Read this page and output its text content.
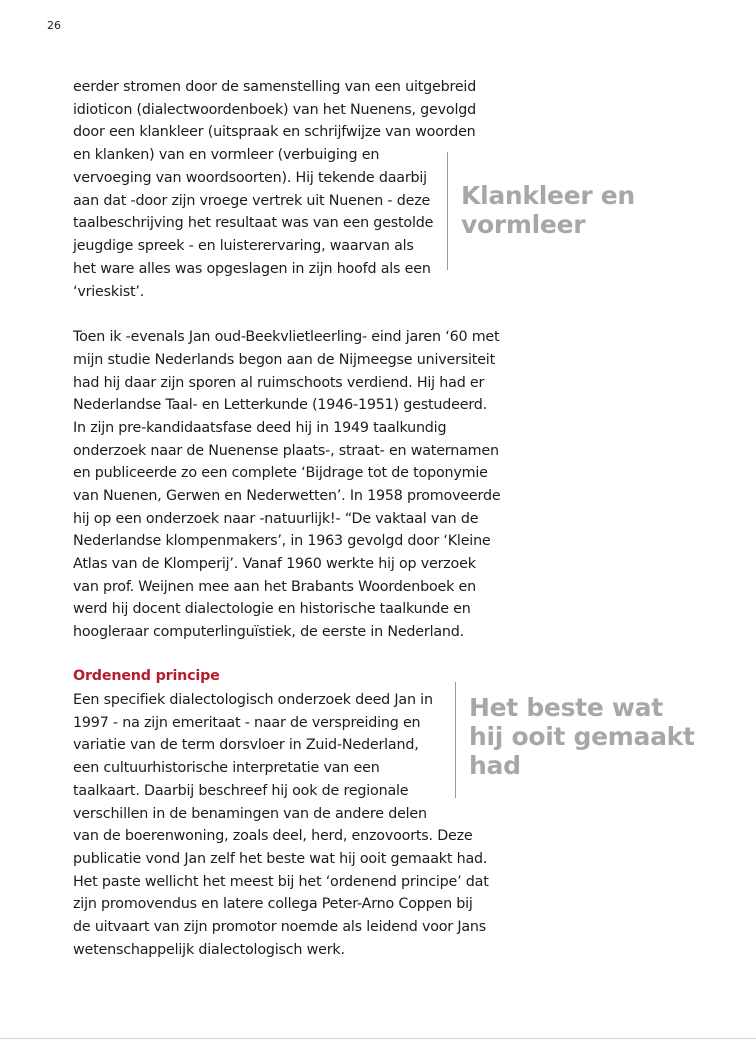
26
eerder stromen door de samenstelling van een uitgebreid
idioticon (dialectwoordenboek) van het Nuenens, gevolgd
door een klankleer (uitspraak en schrijfwijze van woorden
en klanken) van en vormleer (verbuiging en
vervoeging van woordsoorten). Hij tekende daarbij
aan dat -door zijn vroege vertrek uit Nuenen - deze
taalbeschrijving het resultaat was van een gestolde
jeugdige spreek - en luisterervaring, waarvan als
het ware alles was opgeslagen in zijn hoofd als een
‘vrieskist’.
Klankleer en
vormleer
Toen ik -evenals Jan oud-Beekvlietleerling- eind jaren ‘60 met
mijn studie Nederlands begon aan de Nijmeegse universiteit
had hij daar zijn sporen al ruimschoots verdiend. Hij had er
Nederlandse Taal- en Letterkunde (1946-1951) gestudeerd.
In zijn pre-kandidaatsfase deed hij in 1949 taalkundig
onderzoek naar de Nuenense plaats-, straat- en waternamen
en publiceerde zo een complete ‘Bijdrage tot de toponymie
van Nuenen, Gerwen en Nederwetten’. In 1958 promoveerde
hij op een onderzoek naar -natuurlijk!- “De vaktaal van de
Nederlandse klompenmakers’, in 1963 gevolgd door ‘Kleine
Atlas van de Klomperij’. Vanaf 1960 werkte hij op verzoek
van prof. Weijnen mee aan het Brabants Woordenboek en
werd hij docent dialectologie en historische taalkunde en
hoogleraar computerlinguïstiek, de eerste in Nederland.
Ordenend principe
Een specifiek dialectologisch onderzoek deed Jan in
1997 - na zijn emeritaat - naar de verspreiding en
variatie van de term dorsvloer in Zuid-Nederland,
een cultuurhistorische interpretatie van een
taalkaart. Daarbij beschreef hij ook de regionale
verschillen in de benamingen van de andere delen
van de boerenwoning, zoals deel, herd, enzovoorts. Deze
publicatie vond Jan zelf het beste wat hij ooit gemaakt had.
Het paste wellicht het meest bij het ‘ordenend principe’ dat
zijn promovendus en latere collega Peter-Arno Coppen bij
de uitvaart van zijn promotor noemde als leidend voor Jans
wetenschappelijk dialectologisch werk.
Het beste wat
hij ooit gemaakt
had
